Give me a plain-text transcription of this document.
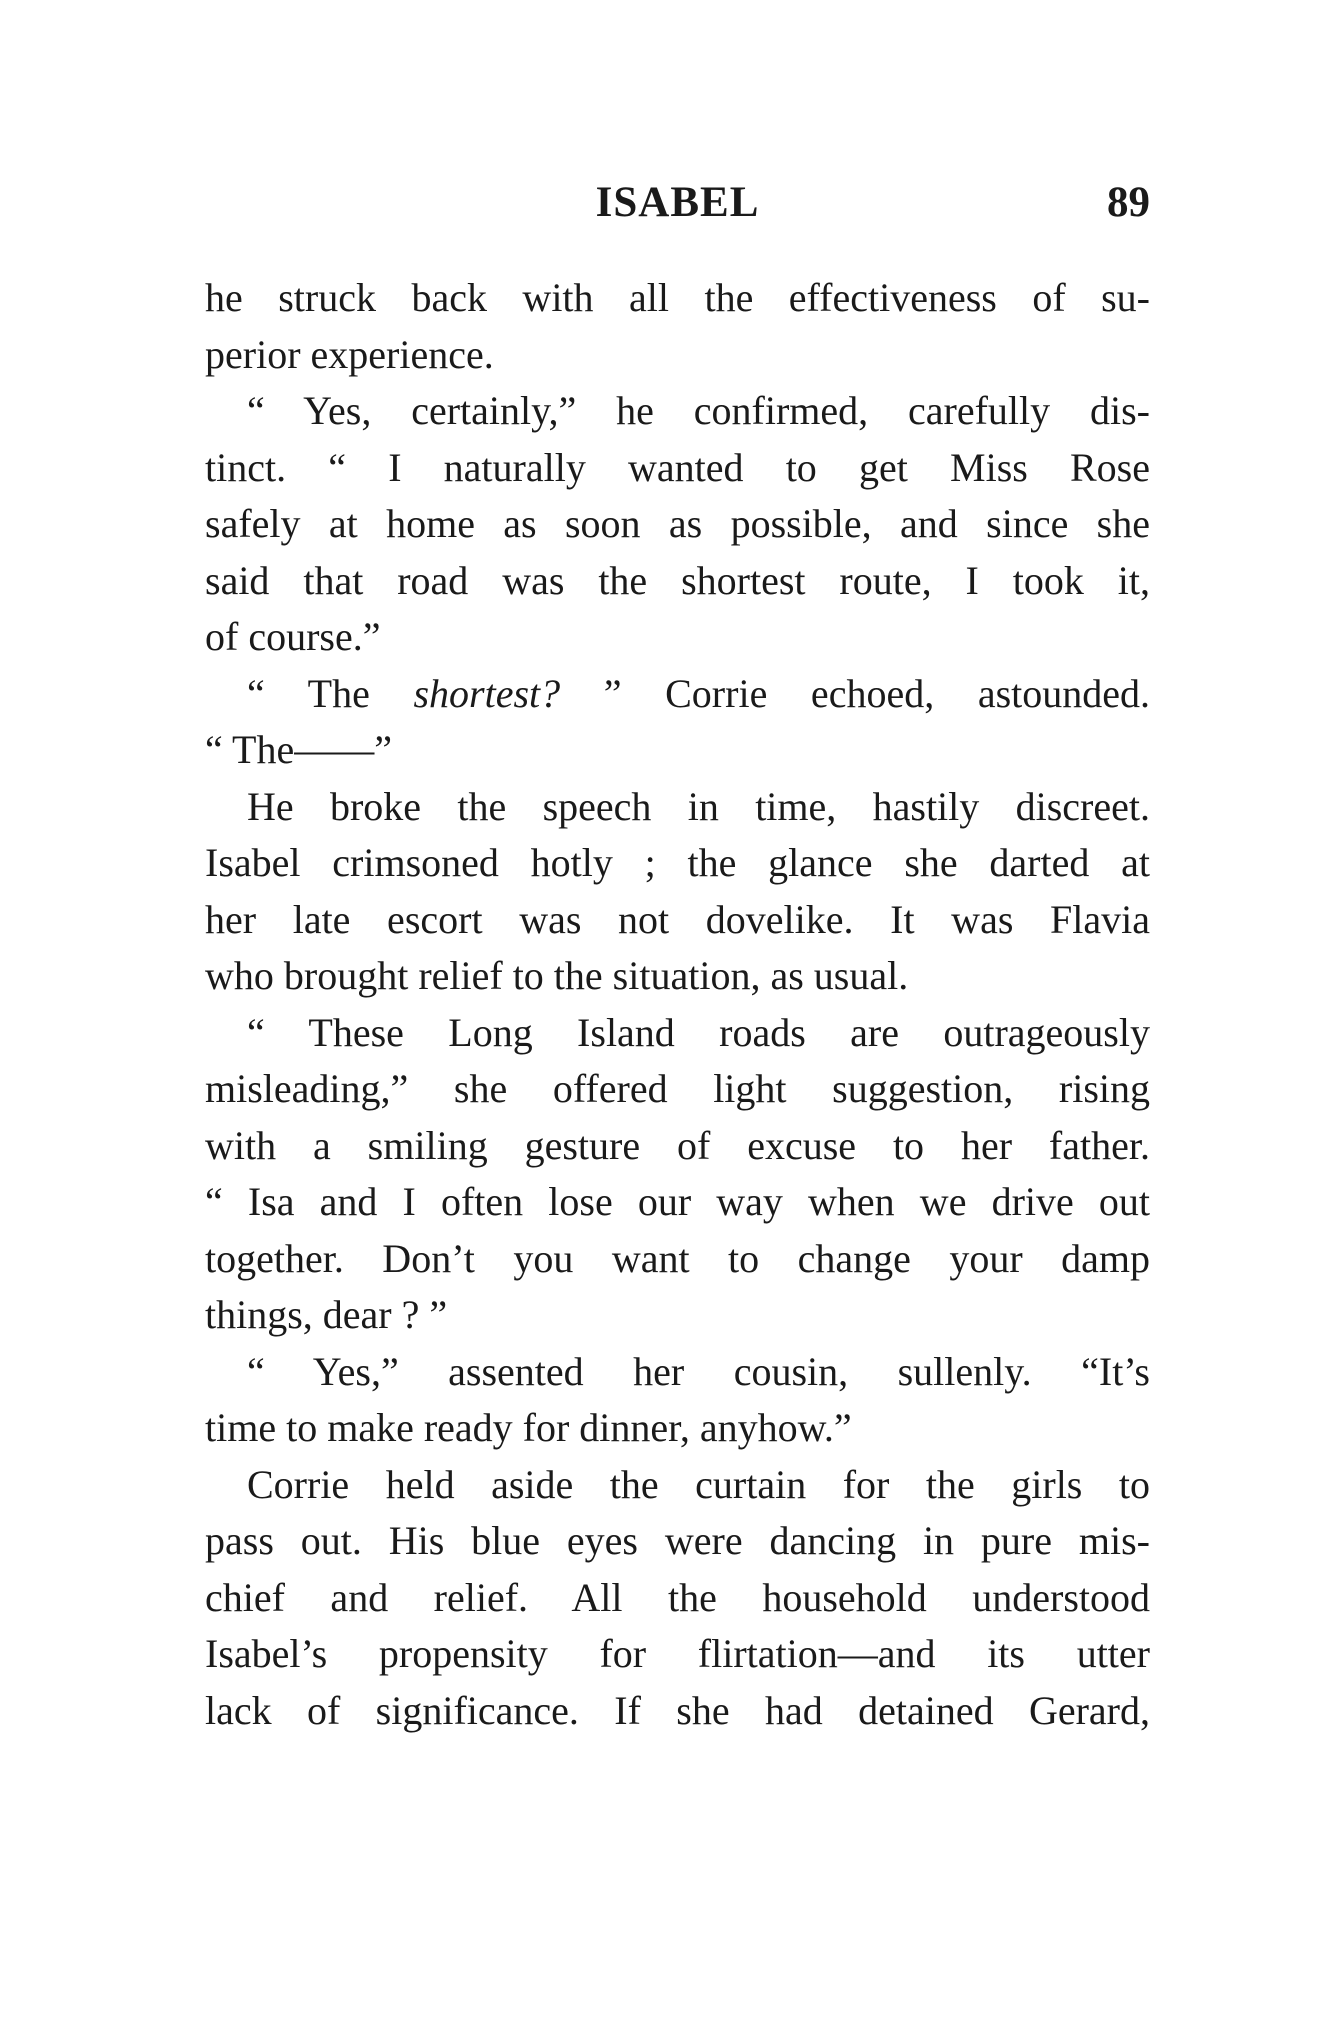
ISABEL	89
he struck back with all the effectiveness of su-
perior experience.
“ Yes, certainly,” he confirmed, carefully dis-
tinct. “ I naturally wanted to get Miss Rose
safely at home as soon as possible, and since she
said that road was the shortest route, I took it,
of course.”
“ The shortest? ” Corrie echoed, astounded.
“ The——”
He broke the speech in time, hastily discreet.
Isabel crimsoned hotly ; the glance she darted at
her late escort was not dovelike. It was Flavia
who brought relief to the situation, as usual.
“ These Long Island roads are outrageously
misleading,” she offered light suggestion, rising
with a smiling gesture of excuse to her father.
“ Isa and I often lose our way when we drive out
together. Don’t you want to change your damp
things, dear ? ”
“ Yes,” assented her cousin, sullenly. “It’s
time to make ready for dinner, anyhow.”
Corrie held aside the curtain for the girls to
pass out. His blue eyes were dancing in pure mis-
chief and relief. All the household understood
Isabel’s propensity for flirtation—and its utter
lack of significance. If she had detained Gerard,
